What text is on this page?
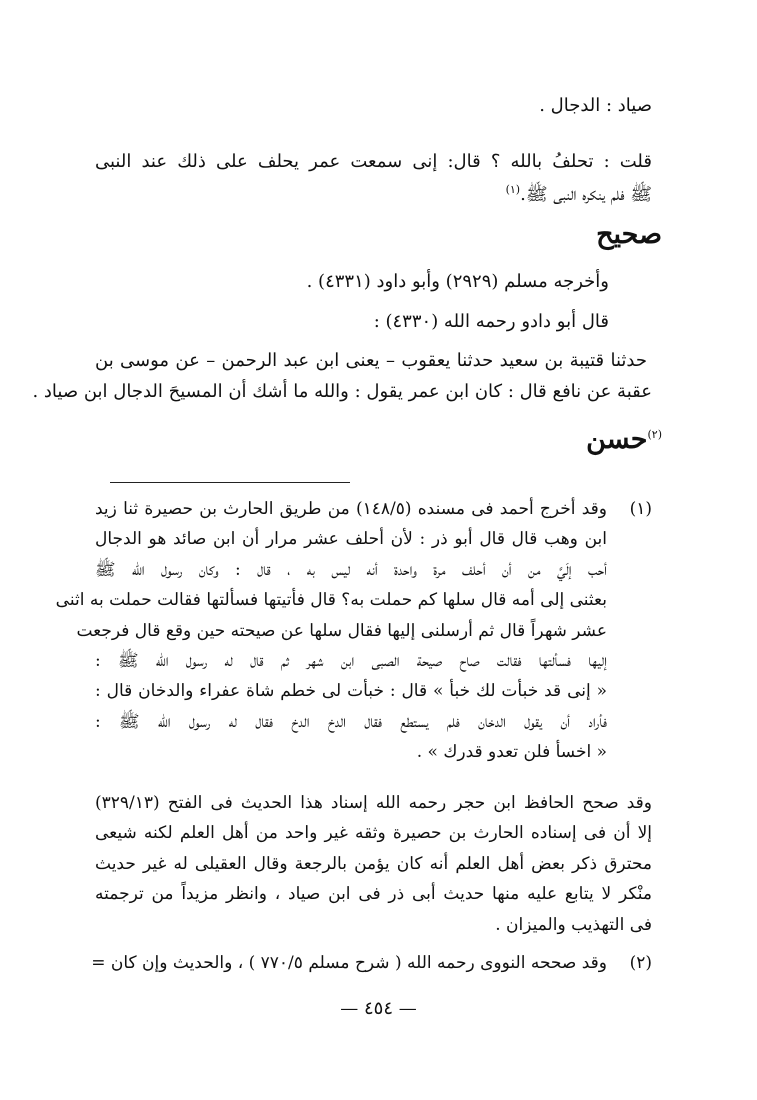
صياد : الدجال .
قلت : تحلفُ بالله ؟ قال: إنى سمعت عمر يحلف على ذلك عند النبى
ﷺ فلم ينكره النبى ﷺ.$^{(١)}$
صحيح
وأخرجه مسلم (٢٩٢٩) وأبو داود (٤٣٣١) .
قال أبو دادو رحمه الله (٤٣٣٠) :
حدثنا قتيبة بن سعيد حدثنا يعقوب – يعنى ابن عبد الرحمن – عن موسى بن
عقبة عن نافع قال : كان ابن عمر يقول : والله ما أشك أن المسيحَ الدجال ابن صياد .
$^{(٢)}$حسن
(١)
وقد أخرج أحمد فى مسنده (١٤٨/٥) من طريق الحارث بن حصيرة ثنا زيد
ابن وهب قال قال أبو ذر : لأن أحلف عشر مرار أن ابن صائد هو الدجال
أحب إلَيَّ من أن أحلف مرة واحدة أنه ليس به ، قال : وكان رسول الله ﷺ
بعثنى إلى أمه قال سلها كم حملت به؟ قال فأتيتها فسألتها فقالت حملت به اثنى
عشر شهراً قال ثم أرسلنى إليها فقال سلها عن صيحته حين وقع قال فرجعت
إليها فسألتها فقالت صاح صيحة الصبى ابن شهر ثم قال له رسول الله ﷺ :
« إنى قد خبأت لك خبأ » قال : خبأت لى خطم شاة عفراء والدخان قال :
فأراد أن يقول الدخان فلم يستطع فقال الدخ الدخ فقال له رسول الله ﷺ :
« اخسأ فلن تعدو قدرك » .
وقد صحح الحافظ ابن حجر رحمه الله إسناد هذا الحديث فى الفتح (٣٢٩/١٣)
إلا أن فى إسناده الحارث بن حصيرة وثقه غير واحد من أهل العلم لكنه شيعى
محترق ذكر بعض أهل العلم أنه كان يؤمن بالرجعة وقال العقيلى له غير حديث
منْكر لا يتابع عليه منها حديث أبى ذر فى ابن صياد ، وانظر مزيداً من ترجمته
فى التهذيب والميزان .
(٢)
وقد صححه النووى رحمه الله ( شرح مسلم ٧٧٠/٥ ) ، والحديث وإن كان =
— ٤٥٤ —
